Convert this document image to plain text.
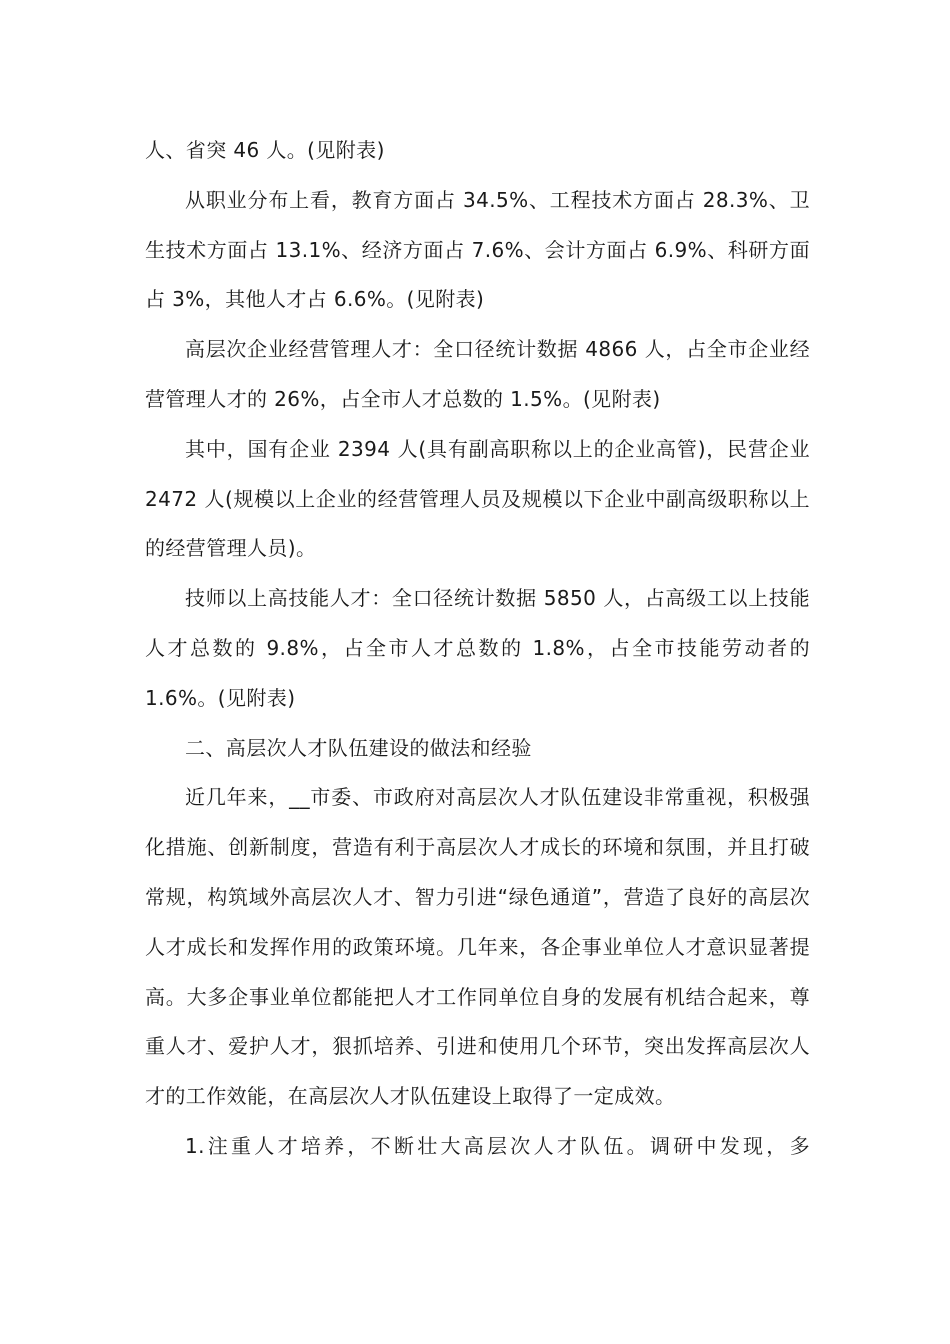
人、省突 46 人。(见附表)

从职业分布上看，教育方面占 34.5%、工程技术方面占 28.3%、卫生技术方面占 13.1%、经济方面占 7.6%、会计方面占 6.9%、科研方面占 3%，其他人才占 6.6%。(见附表)

高层次企业经营管理人才：全口径统计数据 4866 人，占全市企业经营管理人才的 26%，占全市人才总数的 1.5%。(见附表)

其中，国有企业 2394 人(具有副高职称以上的企业高管)，民营企业 2472 人(规模以上企业的经营管理人员及规模以下企业中副高级职称以上的经营管理人员)。

技师以上高技能人才：全口径统计数据 5850 人，占高级工以上技能人才总数的 9.8%，占全市人才总数的 1.8%，占全市技能劳动者的 1.6%。(见附表)

二、高层次人才队伍建设的做法和经验

近几年来，__市委、市政府对高层次人才队伍建设非常重视，积极强化措施、创新制度，营造有利于高层次人才成长的环境和氛围，并且打破常规，构筑域外高层次人才、智力引进“绿色通道”，营造了良好的高层次人才成长和发挥作用的政策环境。几年来，各企事业单位人才意识显著提高。大多企事业单位都能把人才工作同单位自身的发展有机结合起来，尊重人才、爱护人才，狠抓培养、引进和使用几个环节，突出发挥高层次人才的工作效能，在高层次人才队伍建设上取得了一定成效。

1.注重人才培养，不断壮大高层次人才队伍。调研中发现，多
